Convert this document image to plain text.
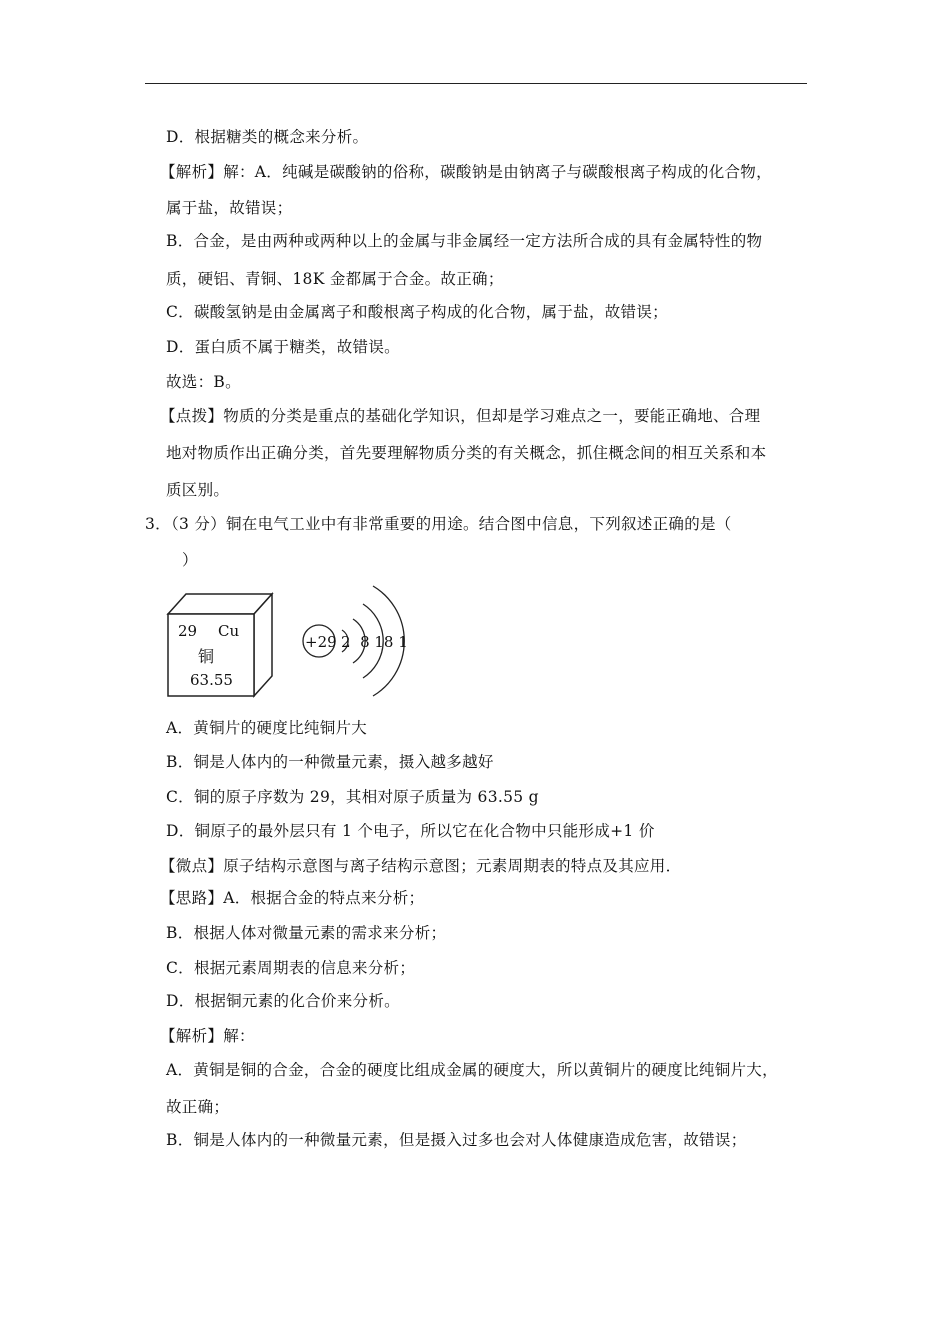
D．根据糖类的概念来分析。
【解析】解：A．纯碱是碳酸钠的俗称，碳酸钠是由钠离子与碳酸根离子构成的化合物，
属于盐，故错误；
B．合金，是由两种或两种以上的金属与非金属经一定方法所合成的具有金属特性的物
质，硬铝、青铜、18K 金都属于合金。故正确；
C．碳酸氢钠是由金属离子和酸根离子构成的化合物，属于盐，故错误；
D．蛋白质不属于糖类，故错误。
故选：B。
【点拨】物质的分类是重点的基础化学知识，但却是学习难点之一，要能正确地、合理
地对物质作出正确分类，首先要理解物质分类的有关概念，抓住概念间的相互关系和本
质区别。
3．（3 分）铜在电气工业中有非常重要的用途。结合图中信息，下列叙述正确的是（
）
29 Cu
铜
63.55
+29 2  8 18 1
A．黄铜片的硬度比纯铜片大
B．铜是人体内的一种微量元素，摄入越多越好
C．铜的原子序数为 29，其相对原子质量为 63.55 g
D．铜原子的最外层只有 1 个电子，所以它在化合物中只能形成+1 价
【微点】原子结构示意图与离子结构示意图；元素周期表的特点及其应用．
【思路】A．根据合金的特点来分析；
B．根据人体对微量元素的需求来分析；
C．根据元素周期表的信息来分析；
D．根据铜元素的化合价来分析。
【解析】解：
A．黄铜是铜的合金，合金的硬度比组成金属的硬度大，所以黄铜片的硬度比纯铜片大，
故正确；
B．铜是人体内的一种微量元素，但是摄入过多也会对人体健康造成危害，故错误；
